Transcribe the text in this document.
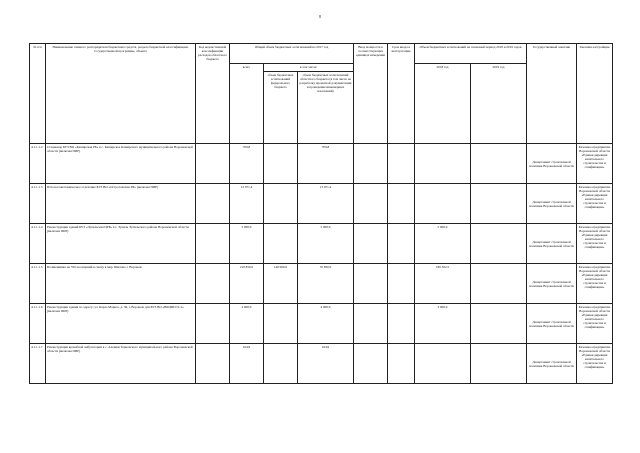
8
№ п/п	Наименование главного распорядителя бюджетных средств, раздела бюджетной классификации, государственной программы, объекта	Код ведомственной классификации расходов областного бюджета	Общий объем бюджетных ассигнований на 2017 год			Ввод мощности в соответствующих единицах измерения	Срок ввода в эксплуатацию	Объем бюджетных ассигнований на плановый период 2018 и 2019 годов		Государственный заказчик	Заказчик-застройщик
			всего	в том числе:				2018 год	2019 год		
				объем бюджетных ассигнований федерального бюджета	объем бюджетных ассигнований областного бюджета (в том числе на разработку проектной документации и проведение инженерных изысканий)						
4.1.1.1.2	Стационар БУЗ ВО «Каширская РБ» в с. Каширское Каширского муниципального района Воронежской области (включая ПИР)		709,8		709,8					Департамент строительной политики Воронежской области	Казенное предприятие Воронежской области «Единая дирекция капитального строительства и газификации»
4.1.1.1.3	Патологоанатомическое отделение БУЗ ВО «Острогожская РБ» (включая ПИР)		13 071,4		13 071,4					Департамент строительной политики Воронежской области	Казенное предприятие Воронежской области «Единая дирекция капитального строительства и газификации»
4.1.1.1.4	Реконструкция зданий БУЗ «Эртильская ЦРБ» в г. Эртиль Эртильского района Воронежской области (включая ПИР)		5 000,0		5 000,0			5 000,0		Департамент строительной политики Воронежской области	Казенное предприятие Воронежской области «Единая дирекция капитального строительства и газификации»
4.1.1.1.5	Поликлиника на 550 посещений в смену в мкр. Шилово г. Воронеж		210 850,0	140 000,0	70 850,0			180 302,5		Департамент строительной политики Воронежской области	Казенное предприятие Воронежской области «Единая дирекция капитального строительства и газификации»
4.1.1.1.6	Реконструкция здания по адресу: ул. Карла Маркса, д. 36, г. Воронеж для БУЗ ВО «ВКЦПП № 2» (включая ПИР)		4 000,0		4 000,0			3 000,0		Департамент строительной политики Воронежской области	Казенное предприятие Воронежской области «Единая дирекция капитального строительства и газификации»
4.1.1.1.7	Реконструкция врачебной амбулатории в с. Алешки Терновского муниципального района Воронежской области (включая ПИР)		164,9		164,9					Департамент строительной политики Воронежской области	Казенное предприятие Воронежской области «Единая дирекция капитального строительства и газификации»
